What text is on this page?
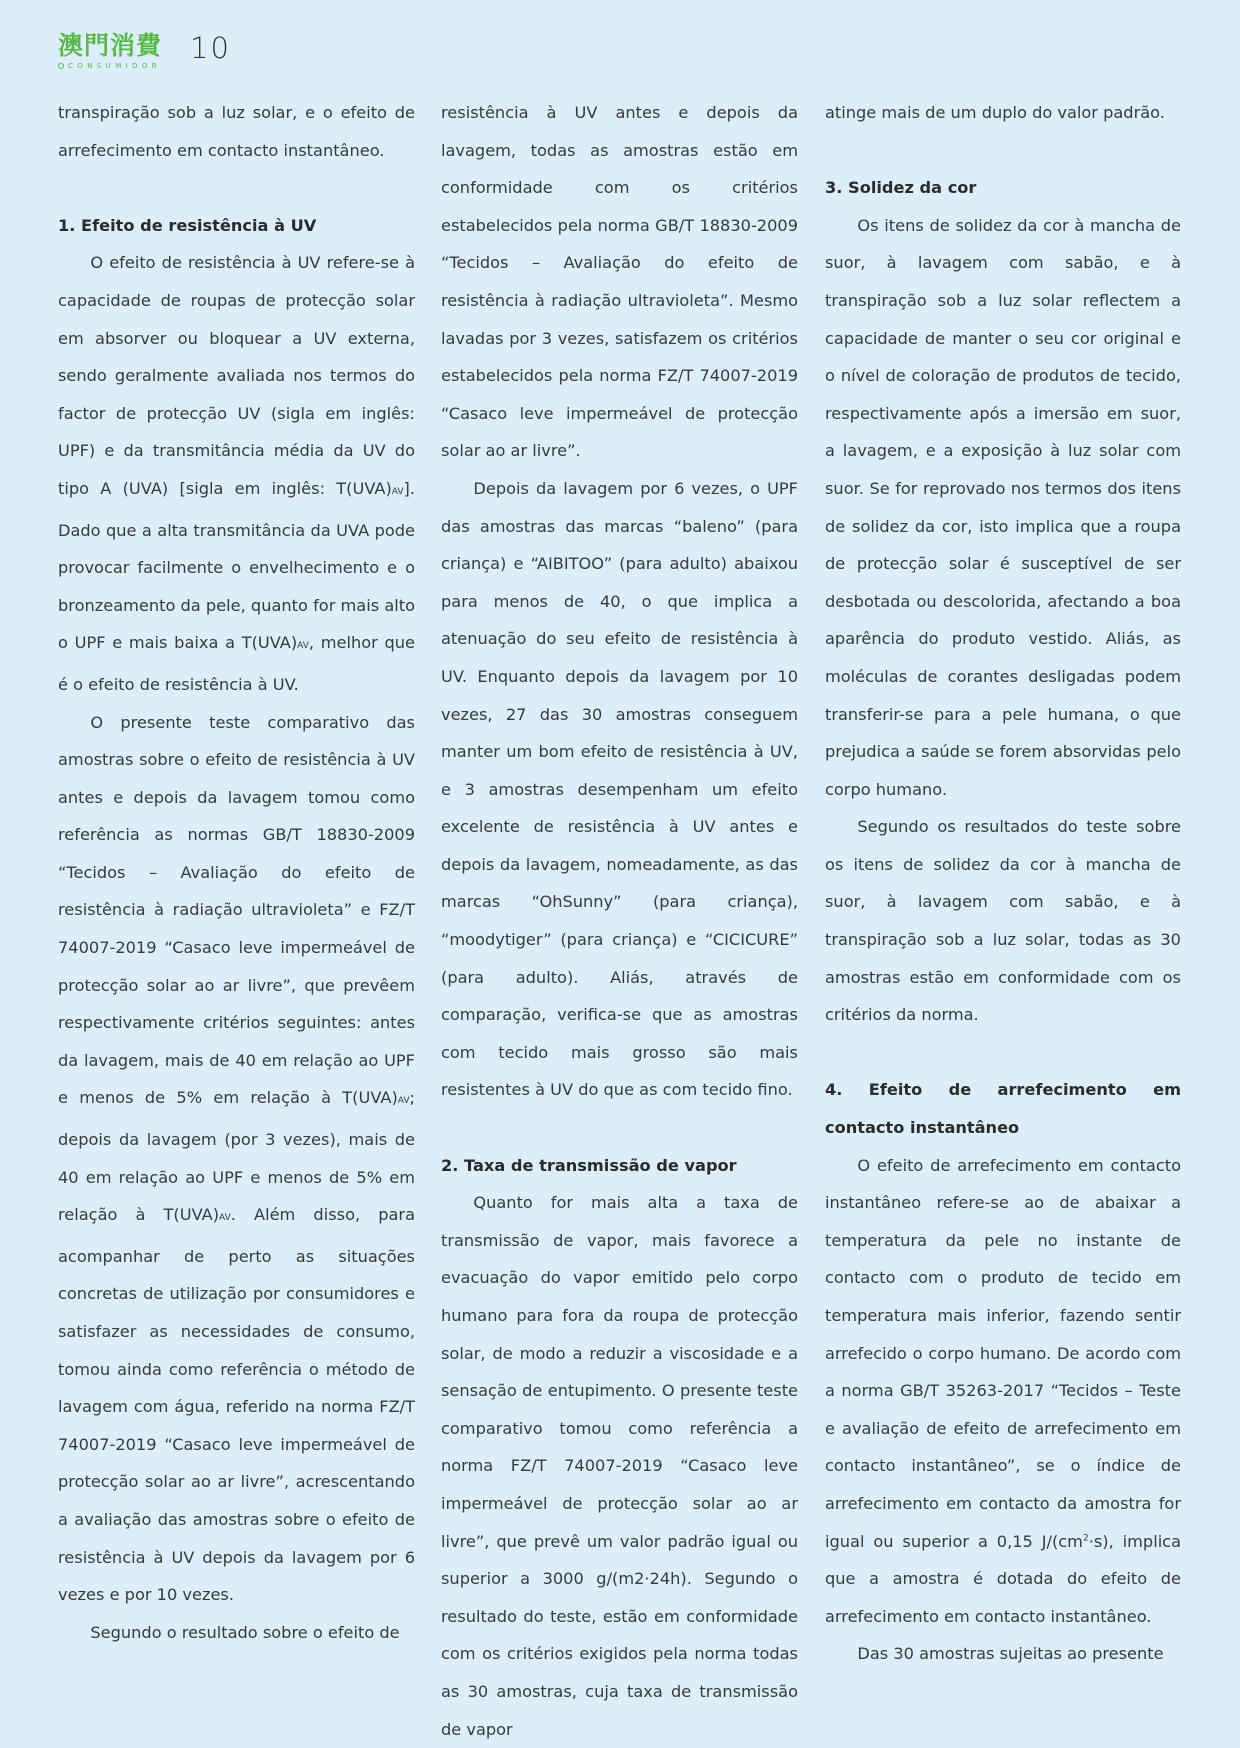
澳門消費
CONSUMIDOR
10

transpiração sob a luz solar, e o efeito de arrefecimento em contacto instantâneo.

1. Efeito de resistência à UV

O efeito de resistência à UV refere-se à capacidade de roupas de protecção solar em absorver ou bloquear a UV externa, sendo geralmente avaliada nos termos do factor de protecção UV (sigla em inglês: UPF) e da transmitância média da UV do tipo A (UVA) [sigla em inglês: T(UVA)AV]. Dado que a alta transmitância da UVA pode provocar facilmente o envelhecimento e o bronzeamento da pele, quanto for mais alto o UPF e mais baixa a T(UVA)AV, melhor que é o efeito de resistência à UV.

O presente teste comparativo das amostras sobre o efeito de resistência à UV antes e depois da lavagem tomou como referência as normas GB/T 18830-2009 “Tecidos – Avaliação do efeito de resistência à radiação ultravioleta” e FZ/T 74007-2019 “Casaco leve impermeável de protecção solar ao ar livre”, que prevêem respectivamente critérios seguintes: antes da lavagem, mais de 40 em relação ao UPF e menos de 5% em relação à T(UVA)AV; depois da lavagem (por 3 vezes), mais de 40 em relação ao UPF e menos de 5% em relação à T(UVA)AV. Além disso, para acompanhar de perto as situações concretas de utilização por consumidores e satisfazer as necessidades de consumo, tomou ainda como referência o método de lavagem com água, referido na norma FZ/T 74007-2019 “Casaco leve impermeável de protecção solar ao ar livre”, acrescentando a avaliação das amostras sobre o efeito de resistência à UV depois da lavagem por 6 vezes e por 10 vezes.

Segundo o resultado sobre o efeito de

resistência à UV antes e depois da lavagem, todas as amostras estão em conformidade com os critérios estabelecidos pela norma GB/T 18830-2009 “Tecidos – Avaliação do efeito de resistência à radiação ultravioleta”. Mesmo lavadas por 3 vezes, satisfazem os critérios estabelecidos pela norma FZ/T 74007-2019 “Casaco leve impermeável de protecção solar ao ar livre”.

Depois da lavagem por 6 vezes, o UPF das amostras das marcas “baleno” (para criança) e “AIBITOO” (para adulto) abaixou para menos de 40, o que implica a atenuação do seu efeito de resistência à UV. Enquanto depois da lavagem por 10 vezes, 27 das 30 amostras conseguem manter um bom efeito de resistência à UV, e 3 amostras desempenham um efeito excelente de resistência à UV antes e depois da lavagem, nomeadamente, as das marcas “OhSunny” (para criança), “moodytiger” (para criança) e “CICICURE” (para adulto). Aliás, através de comparação, verifica-se que as amostras com tecido mais grosso são mais resistentes à UV do que as com tecido fino.

2. Taxa de transmissão de vapor

Quanto for mais alta a taxa de transmissão de vapor, mais favorece a evacuação do vapor emitido pelo corpo humano para fora da roupa de protecção solar, de modo a reduzir a viscosidade e a sensação de entupimento. O presente teste comparativo tomou como referência a norma FZ/T 74007-2019 “Casaco leve impermeável de protecção solar ao ar livre”, que prevê um valor padrão igual ou superior a 3000 g/(m2·24h). Segundo o resultado do teste, estão em conformidade com os critérios exigidos pela norma todas as 30 amostras, cuja taxa de transmissão de vapor

atinge mais de um duplo do valor padrão.

3. Solidez da cor

Os itens de solidez da cor à mancha de suor, à lavagem com sabão, e à transpiração sob a luz solar reflectem a capacidade de manter o seu cor original e o nível de coloração de produtos de tecido, respectivamente após a imersão em suor, a lavagem, e a exposição à luz solar com suor. Se for reprovado nos termos dos itens de solidez da cor, isto implica que a roupa de protecção solar é susceptível de ser desbotada ou descolorida, afectando a boa aparência do produto vestido. Aliás, as moléculas de corantes desligadas podem transferir-se para a pele humana, o que prejudica a saúde se forem absorvidas pelo corpo humano.

Segundo os resultados do teste sobre os itens de solidez da cor à mancha de suor, à lavagem com sabão, e à transpiração sob a luz solar, todas as 30 amostras estão em conformidade com os critérios da norma.

4. Efeito de arrefecimento em contacto instantâneo

O efeito de arrefecimento em contacto instantâneo refere-se ao de abaixar a temperatura da pele no instante de contacto com o produto de tecido em temperatura mais inferior, fazendo sentir arrefecido o corpo humano. De acordo com a norma GB/T 35263-2017 “Tecidos – Teste e avaliação de efeito de arrefecimento em contacto instantâneo”, se o índice de arrefecimento em contacto da amostra for igual ou superior a 0,15 $J/(cm^2\cdot s)$, implica que a amostra é dotada do efeito de arrefecimento em contacto instantâneo.

Das 30 amostras sujeitas ao presente
